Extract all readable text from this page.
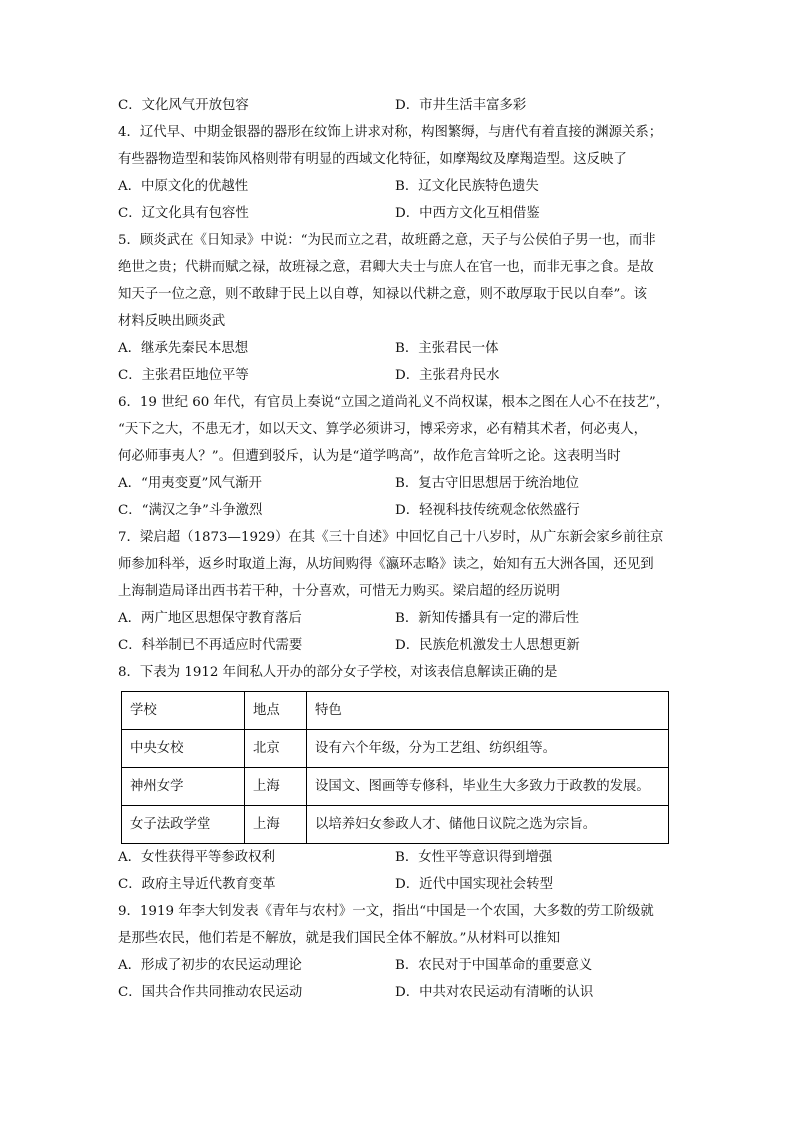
C．文化风气开放包容	D．市井生活丰富多彩
4．辽代早、中期金银器的器形在纹饰上讲求对称，构图繁缛，与唐代有着直接的渊源关系；
有些器物造型和装饰风格则带有明显的西域文化特征，如摩羯纹及摩羯造型。这反映了
A．中原文化的优越性	B．辽文化民族特色遗失
C．辽文化具有包容性	D．中西方文化互相借鉴
5．顾炎武在《日知录》中说：“为民而立之君，故班爵之意，天子与公侯伯子男一也，而非
绝世之贵；代耕而赋之禄，故班禄之意，君卿大夫士与庶人在官一也，而非无事之食。是故
知天子一位之意，则不敢肆于民上以自尊，知禄以代耕之意，则不敢厚取于民以自奉”。该
材料反映出顾炎武
A．继承先秦民本思想	B．主张君民一体
C．主张君臣地位平等	D．主张君舟民水
6．19 世纪 60 年代，有官员上奏说“立国之道尚礼义不尚权谋，根本之图在人心不在技艺”，
“天下之大，不患无才，如以天文、算学必须讲习，博采旁求，必有精其术者，何必夷人，
何必师事夷人？”。但遭到驳斥，认为是“道学鸣高”，故作危言耸听之论。这表明当时
A．“用夷变夏”风气渐开	B．复古守旧思想居于统治地位
C．“满汉之争”斗争激烈	D．轻视科技传统观念依然盛行
7．梁启超（1873—1929）在其《三十自述》中回忆自己十八岁时，从广东新会家乡前往京
师参加科举，返乡时取道上海，从坊间购得《瀛环志略》读之，始知有五大洲各国，还见到
上海制造局译出西书若干种，十分喜欢，可惜无力购买。梁启超的经历说明
A．两广地区思想保守教育落后	B．新知传播具有一定的滞后性
C．科举制已不再适应时代需要	D．民族危机激发士人思想更新
8．下表为 1912 年间私人开办的部分女子学校，对该表信息解读正确的是
学校	地点	特色
中央女校	北京	设有六个年级，分为工艺组、纺织组等。
神州女学	上海	设国文、图画等专修科，毕业生大多致力于政教的发展。
女子法政学堂	上海	以培养妇女参政人才、储他日议院之选为宗旨。
A．女性获得平等参政权利	B．女性平等意识得到增强
C．政府主导近代教育变革	D．近代中国实现社会转型
9．1919 年李大钊发表《青年与农村》一文，指出“中国是一个农国，大多数的劳工阶级就
是那些农民，他们若是不解放，就是我们国民全体不解放。”从材料可以推知
A．形成了初步的农民运动理论	B．农民对于中国革命的重要意义
C．国共合作共同推动农民运动	D．中共对农民运动有清晰的认识
